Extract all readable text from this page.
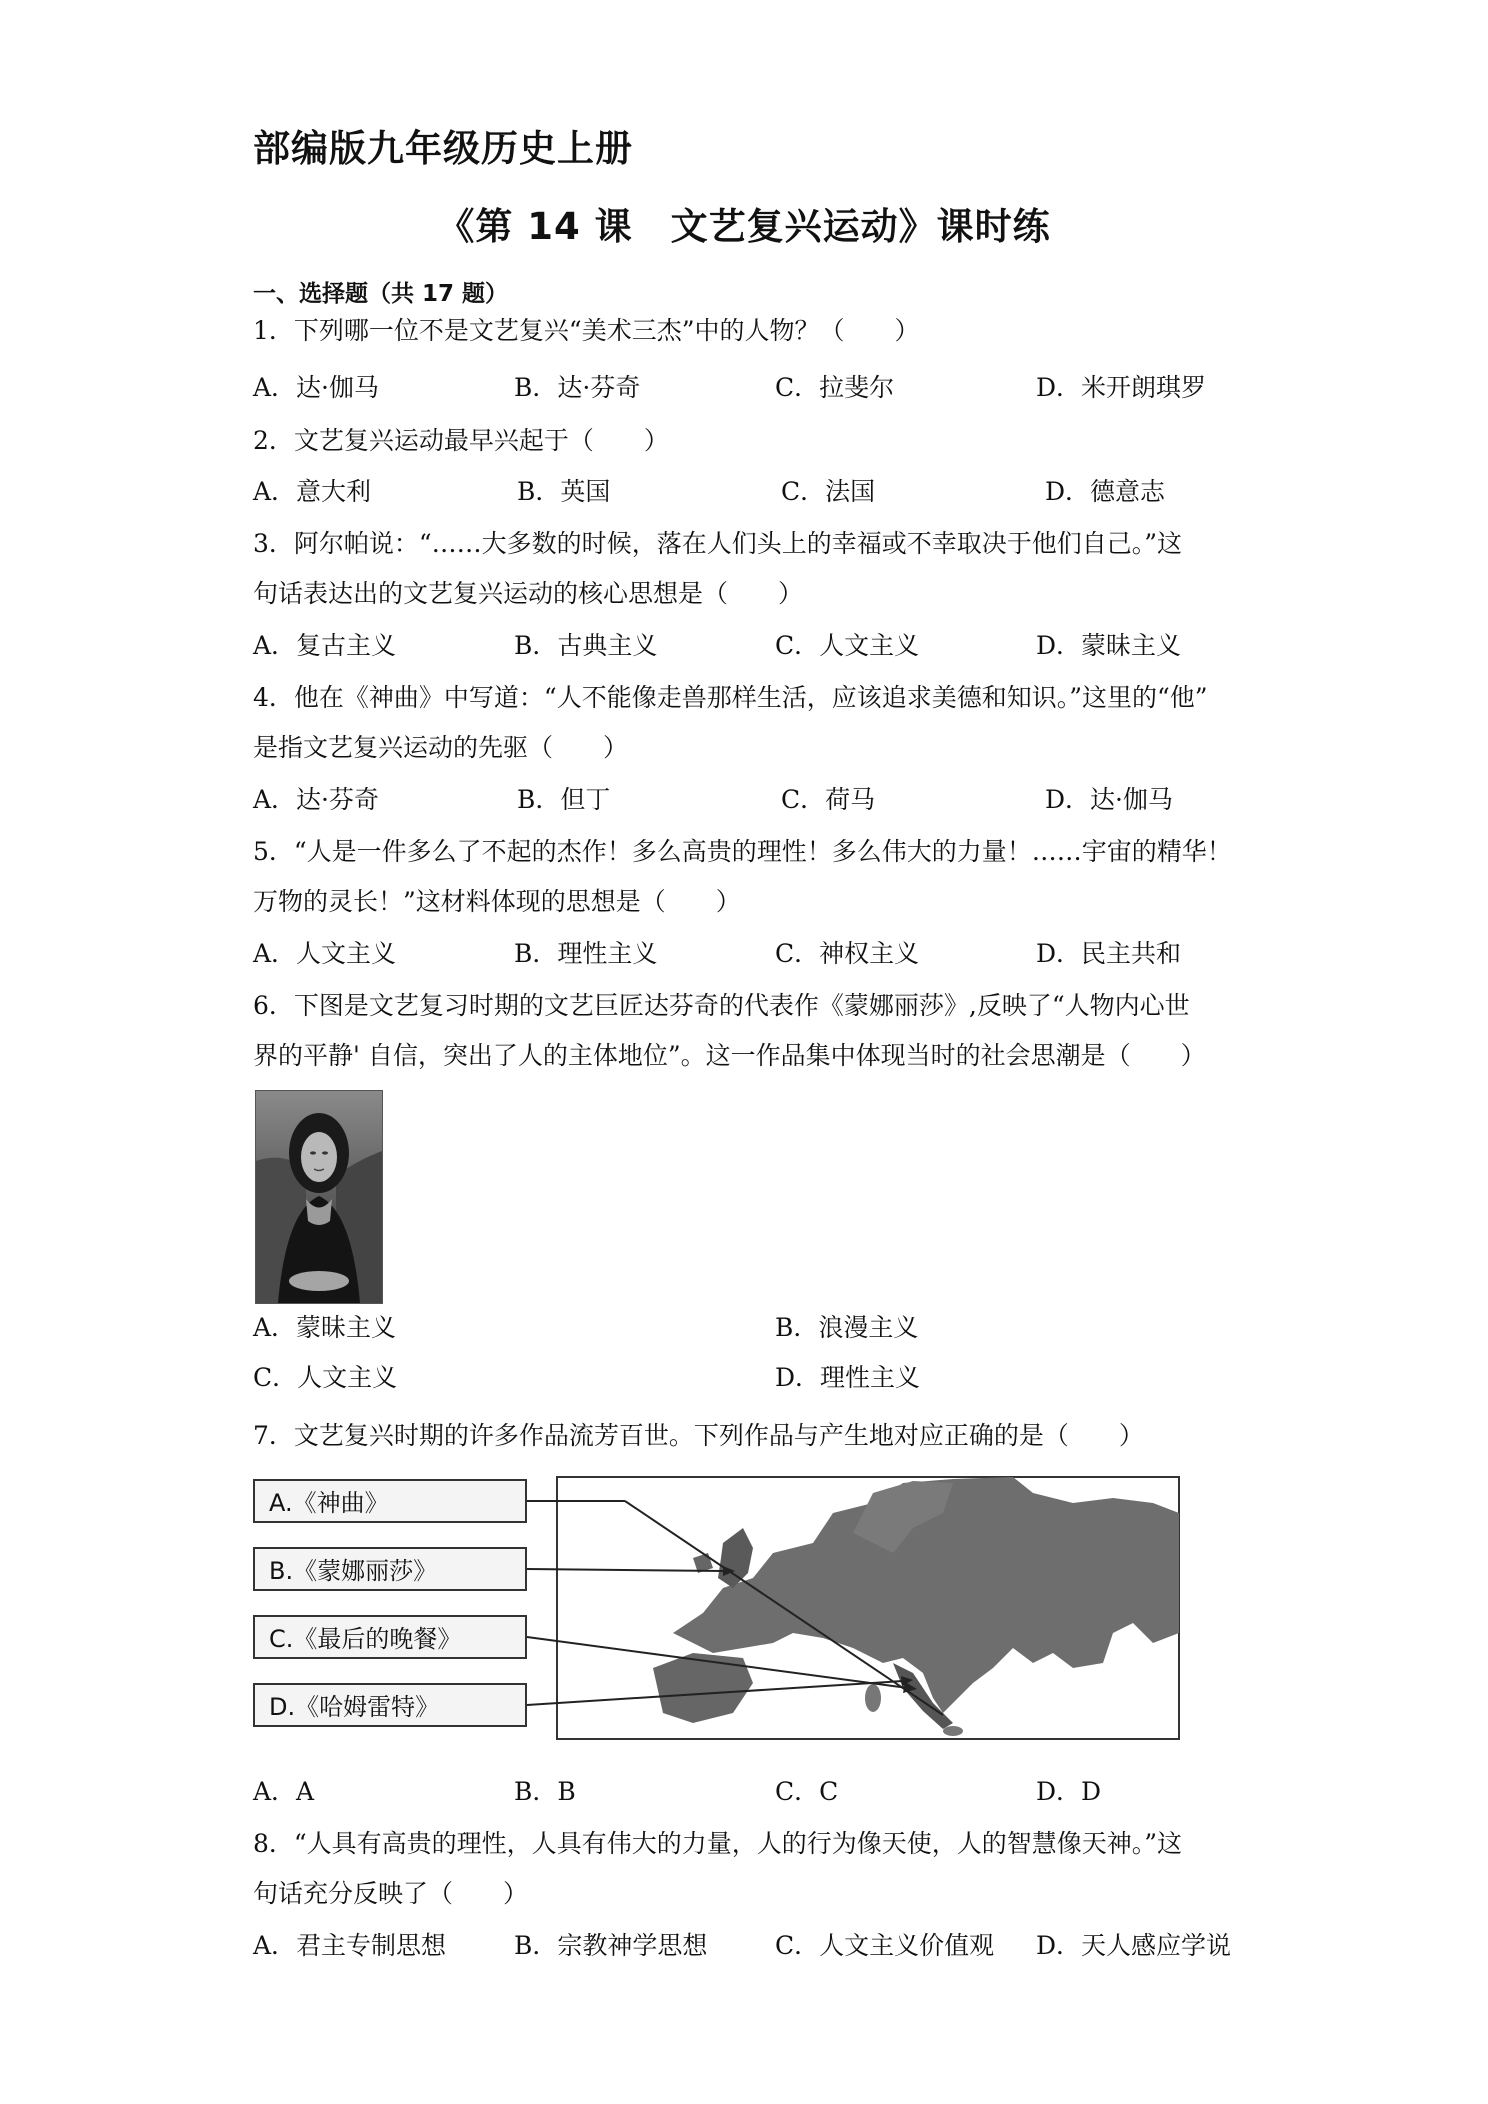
部编版九年级历史上册
《第 14 课　文艺复兴运动》课时练
一、选择题（共 17 题）
1．下列哪一位不是文艺复兴“美术三杰”中的人物？（　　）
A．达·伽马	B．达·芬奇	C．拉斐尔	D．米开朗琪罗
2．文艺复兴运动最早兴起于（　　）
A．意大利	B．英国	C．法国	D．德意志
3．阿尔帕说：“……大多数的时候，落在人们头上的幸福或不幸取决于他们自己。”这
句话表达出的文艺复兴运动的核心思想是（　　）
A．复古主义	B．古典主义	C．人文主义	D．蒙昧主义
4．他在《神曲》中写道：“人不能像走兽那样生活，应该追求美德和知识。”这里的“他”
是指文艺复兴运动的先驱（　　）
A．达·芬奇	B．但丁	C．荷马	D．达·伽马
5．“人是一件多么了不起的杰作！多么高贵的理性！多么伟大的力量！……宇宙的精华！
万物的灵长！”这材料体现的思想是（　　）
A．人文主义	B．理性主义	C．神权主义	D．民主共和
6．下图是文艺复习时期的文艺巨匠达芬奇的代表作《蒙娜丽莎》,反映了“人物内心世
界的平静' 自信，突出了人的主体地位”。这一作品集中体现当时的社会思潮是（　　）
A．蒙昧主义	B．浪漫主义
C．人文主义	D．理性主义
7．文艺复兴时期的许多作品流芳百世。下列作品与产生地对应正确的是（　　）
A.《神曲》
B.《蒙娜丽莎》
C.《最后的晚餐》
D.《哈姆雷特》
A．A	B．B	C．C	D．D
8．“人具有高贵的理性，人具有伟大的力量，人的行为像天使，人的智慧像天神。”这
句话充分反映了（　　）
A．君主专制思想	B．宗教神学思想	C．人文主义价值观 D．天人感应学说
